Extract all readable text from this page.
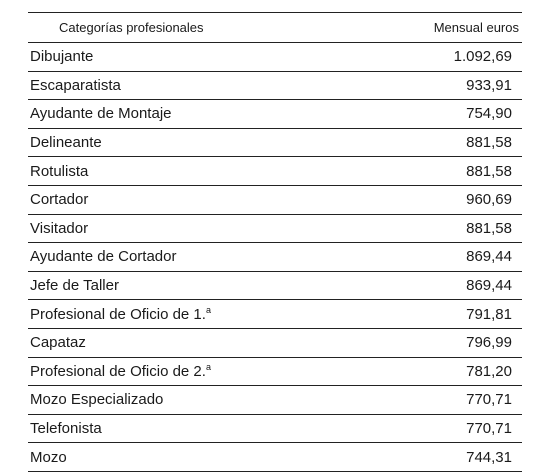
Categorías profesionales	Mensual euros
Dibujante	1.092,69
Escaparatista	933,91
Ayudante de Montaje	754,90
Delineante	881,58
Rotulista	881,58
Cortador	960,69
Visitador	881,58
Ayudante de Cortador	869,44
Jefe de Taller	869,44
Profesional de Oficio de 1.$^a$	791,81
Capataz	796,99
Profesional de Oficio de 2.$^a$	781,20
Mozo Especializado	770,71
Telefonista	770,71
Mozo	744,31
